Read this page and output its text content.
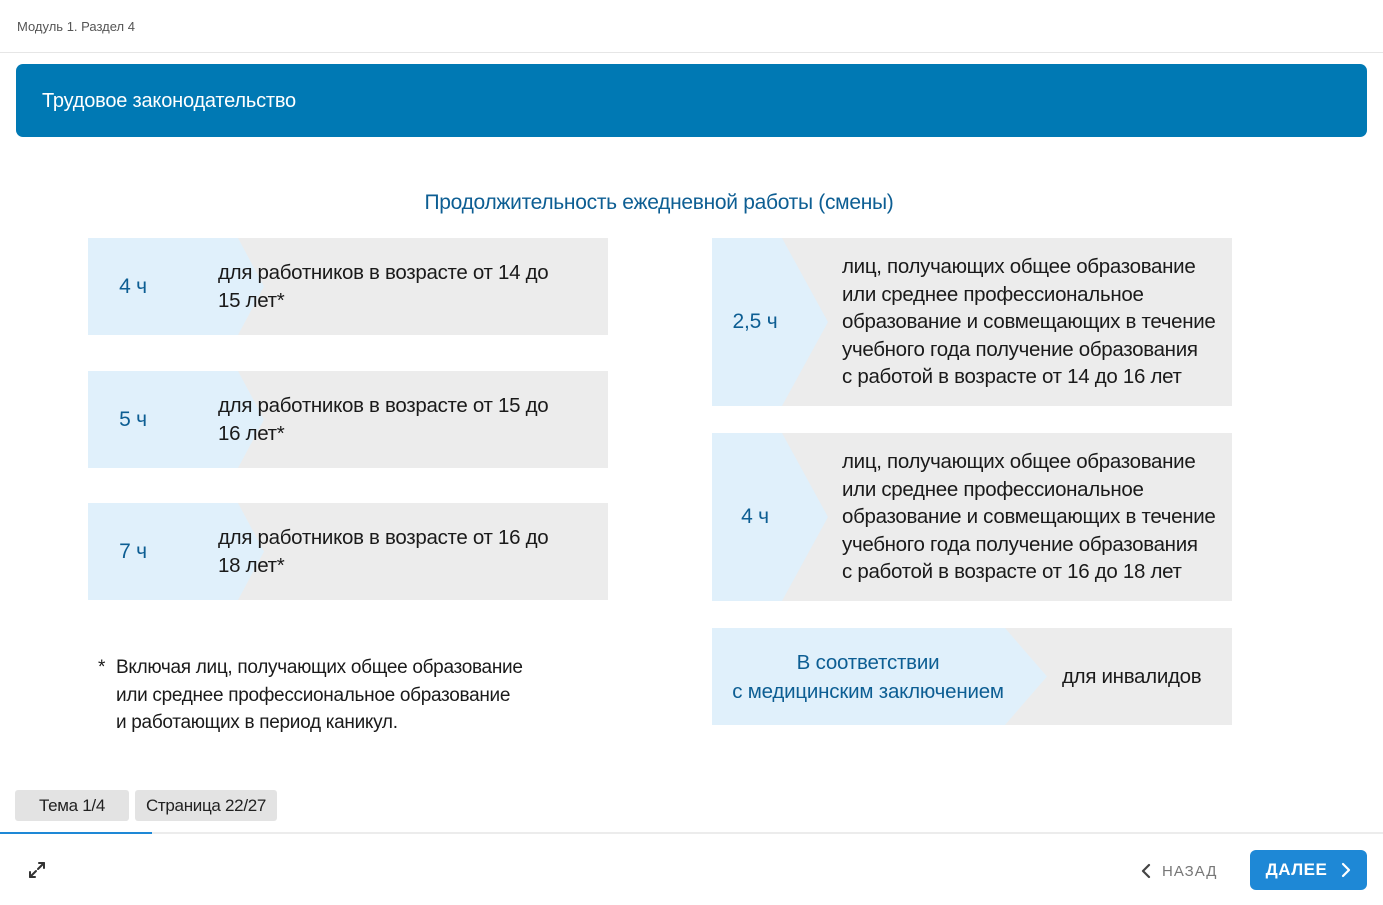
Модуль 1. Раздел 4
Трудовое законодательство
Продолжительность ежедневной работы (смены)
4 ч
для работников в возрасте от 14 до
15 лет*
5 ч
для работников в возрасте от 15 до
16 лет*
7 ч
для работников в возрасте от 16 до
18 лет*
2,5 ч
лиц, получающих общее образование
или среднее профессиональное
образование и совмещающих в течение
учебного года получение образования
с работой в возрасте от 14 до 16 лет
4 ч
лиц, получающих общее образование
или среднее профессиональное
образование и совмещающих в течение
учебного года получение образования
с работой в возрасте от 16 до 18 лет
В соответствии
с медицинским заключением
для инвалидов
* Включая лиц, получающих общее образование
или среднее профессиональное образование
и работающих в период каникул.
Тема 1/4	Страница 22/27
НАЗАД	ДАЛЕЕ
